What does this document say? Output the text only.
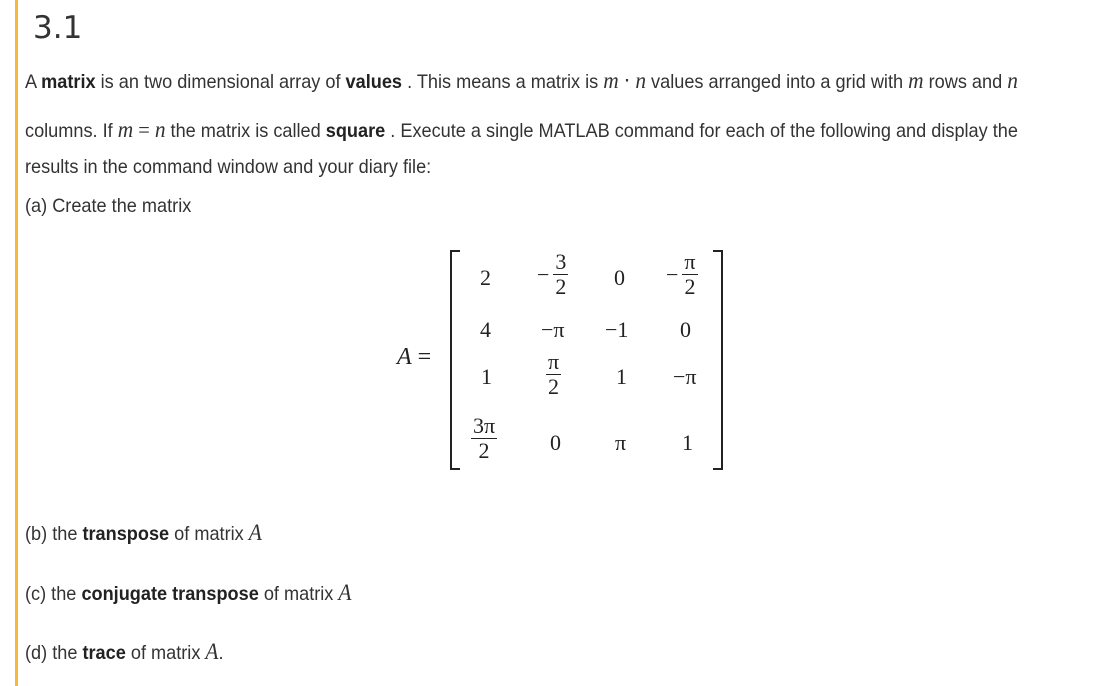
3.1

A matrix is an two dimensional array of values . This means a matrix is m ⋅ n values arranged into a grid with m rows and n

columns. If m = n the matrix is called square . Execute a single MATLAB command for each of the following and display the

results in the command window and your diary file:

(a) Create the matrix

A =
$2 - \frac{3}{2} 0 - \frac{\pi}{2}$
4 −π −1 0
$1 \frac{\pi}{2} 1 -\pi$
$\frac{3\pi}{2} 0$ π	1

(b) the transpose of matrix A

(c) the conjugate transpose of matrix A

(d) the trace of matrix A.
